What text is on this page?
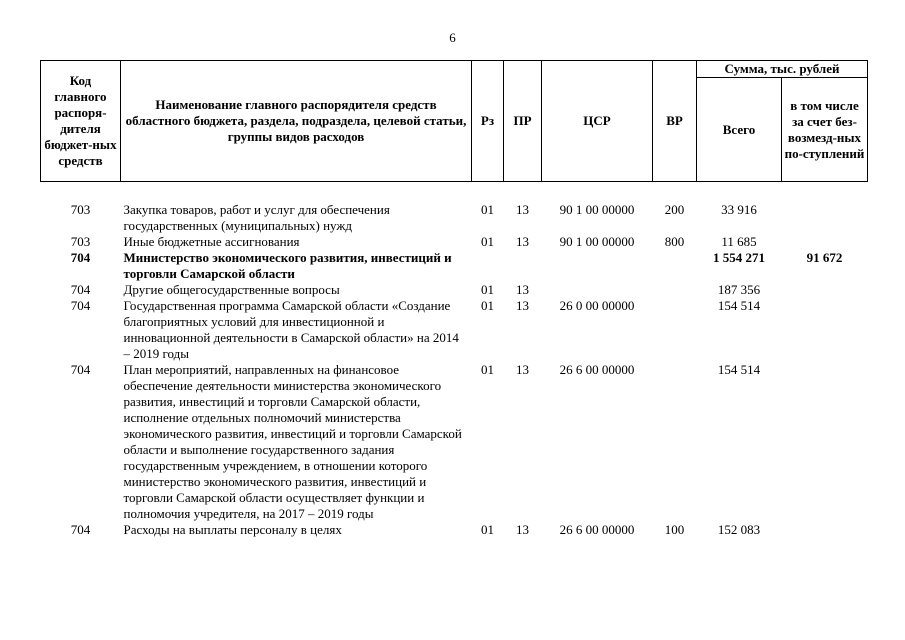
6
Код главного распоря-дителя бюджет-ных средств	Наименование главного распорядителя средств областного бюджета, раздела, подраздела, целевой статьи, группы видов расходов	Рз	ПР	ЦСР	ВР	Сумма, тыс. рублей	
						Всего	в том числе за счет без-возмезд-ных по-ступлений

703	Закупка товаров, работ и услуг для обеспечения государственных (муниципальных) нужд	01	13	90 1 00 00000	200	33 916	
703	Иные бюджетные ассигнования	01	13	90 1 00 00000	800	11 685	
704	Министерство экономического развития, инвестиций и торговли Самарской области					1 554 271	91 672
704	Другие общегосударственные вопросы	01	13			187 356	
704	Государственная программа Самарской области «Создание благоприятных условий для инвестиционной и инновационной деятельности в Самарской области» на 2014 – 2019 годы	01	13	26 0 00 00000		154 514	
704	План мероприятий, направленных на финансовое обеспечение деятельности министерства экономического развития, инвестиций и торговли Самарской области, исполнение отдельных полномочий министерства экономического развития, инвестиций и торговли Самарской области и выполнение государственного задания государственным учреждением, в отношении которого министерство экономического развития, инвестиций и торговли Самарской области осуществляет функции и полномочия учредителя, на 2017 – 2019 годы	01	13	26 6 00 00000		154 514	
704	Расходы на выплаты персоналу в целях	01	13	26 6 00 00000	100	152 083	
